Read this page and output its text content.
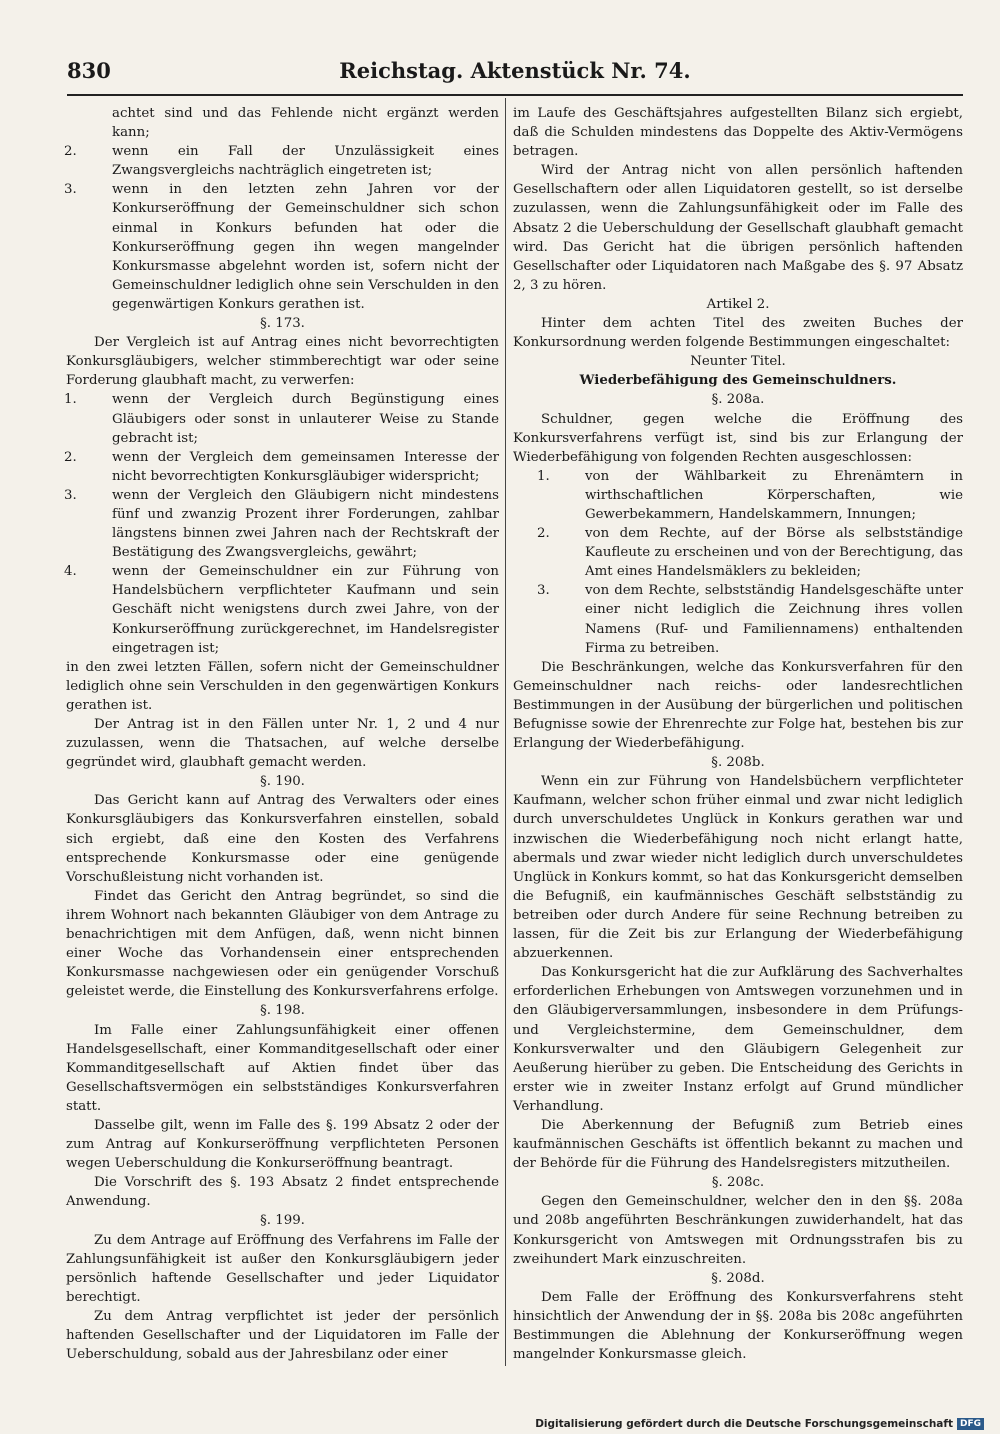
830	Reichstag. Aktenstück Nr. 74.

achtet sind und das Fehlende nicht ergänzt werden kann;

2.	wenn ein Fall der Unzulässigkeit eines Zwangsvergleichs nachträglich eingetreten ist;

3.	wenn in den letzten zehn Jahren vor der Konkurseröffnung der Gemeinschuldner sich schon einmal in Konkurs befunden hat oder die Konkurseröffnung gegen ihn wegen mangelnder Konkursmasse abgelehnt worden ist, sofern nicht der Gemeinschuldner lediglich ohne sein Verschulden in den gegenwärtigen Konkurs gerathen ist.

§. 173.

Der Vergleich ist auf Antrag eines nicht bevorrechtigten Konkursgläubigers, welcher stimmberechtigt war oder seine Forderung glaubhaft macht, zu verwerfen:

1.	wenn der Vergleich durch Begünstigung eines Gläubigers oder sonst in unlauterer Weise zu Stande gebracht ist;

2.	wenn der Vergleich dem gemeinsamen Interesse der nicht bevorrechtigten Konkursgläubiger widerspricht;

3.	wenn der Vergleich den Gläubigern nicht mindestens fünf und zwanzig Prozent ihrer Forderungen, zahlbar längstens binnen zwei Jahren nach der Rechtskraft der Bestätigung des Zwangsvergleichs, gewährt;

4.	wenn der Gemeinschuldner ein zur Führung von Handelsbüchern verpflichteter Kaufmann und sein Geschäft nicht wenigstens durch zwei Jahre, von der Konkurseröffnung zurückgerechnet, im Handelsregister eingetragen ist;

in den zwei letzten Fällen, sofern nicht der Gemeinschuldner lediglich ohne sein Verschulden in den gegenwärtigen Konkurs gerathen ist.

Der Antrag ist in den Fällen unter Nr. 1, 2 und 4 nur zuzulassen, wenn die Thatsachen, auf welche derselbe gegründet wird, glaubhaft gemacht werden.

§. 190.

Das Gericht kann auf Antrag des Verwalters oder eines Konkursgläubigers das Konkursverfahren einstellen, sobald sich ergiebt, daß eine den Kosten des Verfahrens entsprechende Konkursmasse oder eine genügende Vorschußleistung nicht vorhanden ist.

Findet das Gericht den Antrag begründet, so sind die ihrem Wohnort nach bekannten Gläubiger von dem Antrage zu benachrichtigen mit dem Anfügen, daß, wenn nicht binnen einer Woche das Vorhandensein einer entsprechenden Konkursmasse nachgewiesen oder ein genügender Vorschuß geleistet werde, die Einstellung des Konkursverfahrens erfolge.

§. 198.

Im Falle einer Zahlungsunfähigkeit einer offenen Handelsgesellschaft, einer Kommanditgesellschaft oder einer Kommanditgesellschaft auf Aktien findet über das Gesellschaftsvermögen ein selbstständiges Konkursverfahren statt.

Dasselbe gilt, wenn im Falle des §. 199 Absatz 2 oder der zum Antrag auf Konkurseröffnung verpflichteten Personen wegen Ueberschuldung die Konkurseröffnung beantragt.

Die Vorschrift des §. 193 Absatz 2 findet entsprechende Anwendung.

§. 199.

Zu dem Antrage auf Eröffnung des Verfahrens im Falle der Zahlungsunfähigkeit ist außer den Konkursgläubigern jeder persönlich haftende Gesellschafter und jeder Liquidator berechtigt.

Zu dem Antrag verpflichtet ist jeder der persönlich haftenden Gesellschafter und der Liquidatoren im Falle der Ueberschuldung, sobald aus der Jahresbilanz oder einer

im Laufe des Geschäftsjahres aufgestellten Bilanz sich ergiebt, daß die Schulden mindestens das Doppelte des Aktiv-Vermögens betragen.

Wird der Antrag nicht von allen persönlich haftenden Gesellschaftern oder allen Liquidatoren gestellt, so ist derselbe zuzulassen, wenn die Zahlungsunfähigkeit oder im Falle des Absatz 2 die Ueberschuldung der Gesellschaft glaubhaft gemacht wird. Das Gericht hat die übrigen persönlich haftenden Gesellschafter oder Liquidatoren nach Maßgabe des §. 97 Absatz 2, 3 zu hören.

Artikel 2.

Hinter dem achten Titel des zweiten Buches der Konkursordnung werden folgende Bestimmungen eingeschaltet:

Neunter Titel.

Wiederbefähigung des Gemeinschuldners.

§. 208a.

Schuldner, gegen welche die Eröffnung des Konkursverfahrens verfügt ist, sind bis zur Erlangung der Wiederbefähigung von folgenden Rechten ausgeschlossen:

1.	von der Wählbarkeit zu Ehrenämtern in wirthschaftlichen Körperschaften, wie Gewerbekammern, Handelskammern, Innungen;

2.	von dem Rechte, auf der Börse als selbstständige Kaufleute zu erscheinen und von der Berechtigung, das Amt eines Handelsmäklers zu bekleiden;

3.	von dem Rechte, selbstständig Handelsgeschäfte unter einer nicht lediglich die Zeichnung ihres vollen Namens (Ruf- und Familiennamens) enthaltenden Firma zu betreiben.

Die Beschränkungen, welche das Konkursverfahren für den Gemeinschuldner nach reichs- oder landesrechtlichen Bestimmungen in der Ausübung der bürgerlichen und politischen Befugnisse sowie der Ehrenrechte zur Folge hat, bestehen bis zur Erlangung der Wiederbefähigung.

§. 208b.

Wenn ein zur Führung von Handelsbüchern verpflichteter Kaufmann, welcher schon früher einmal und zwar nicht lediglich durch unverschuldetes Unglück in Konkurs gerathen war und inzwischen die Wiederbefähigung noch nicht erlangt hatte, abermals und zwar wieder nicht lediglich durch unverschuldetes Unglück in Konkurs kommt, so hat das Konkursgericht demselben die Befugniß, ein kaufmännisches Geschäft selbstständig zu betreiben oder durch Andere für seine Rechnung betreiben zu lassen, für die Zeit bis zur Erlangung der Wiederbefähigung abzuerkennen.

Das Konkursgericht hat die zur Aufklärung des Sachverhaltes erforderlichen Erhebungen von Amtswegen vorzunehmen und in den Gläubigerversammlungen, insbesondere in dem Prüfungs- und Vergleichstermine, dem Gemeinschuldner, dem Konkursverwalter und den Gläubigern Gelegenheit zur Aeußerung hierüber zu geben. Die Entscheidung des Gerichts in erster wie in zweiter Instanz erfolgt auf Grund mündlicher Verhandlung.

Die Aberkennung der Befugniß zum Betrieb eines kaufmännischen Geschäfts ist öffentlich bekannt zu machen und der Behörde für die Führung des Handelsregisters mitzutheilen.

§. 208c.

Gegen den Gemeinschuldner, welcher den in den §§. 208a und 208b angeführten Beschränkungen zuwiderhandelt, hat das Konkursgericht von Amtswegen mit Ordnungsstrafen bis zu zweihundert Mark einzuschreiten.

§. 208d.

Dem Falle der Eröffnung des Konkursverfahrens steht hinsichtlich der Anwendung der in §§. 208a bis 208c angeführten Bestimmungen die Ablehnung der Konkurseröffnung wegen mangelnder Konkursmasse gleich.

Digitalisierung gefördert durch die Deutsche Forschungsgemeinschaft DFG
